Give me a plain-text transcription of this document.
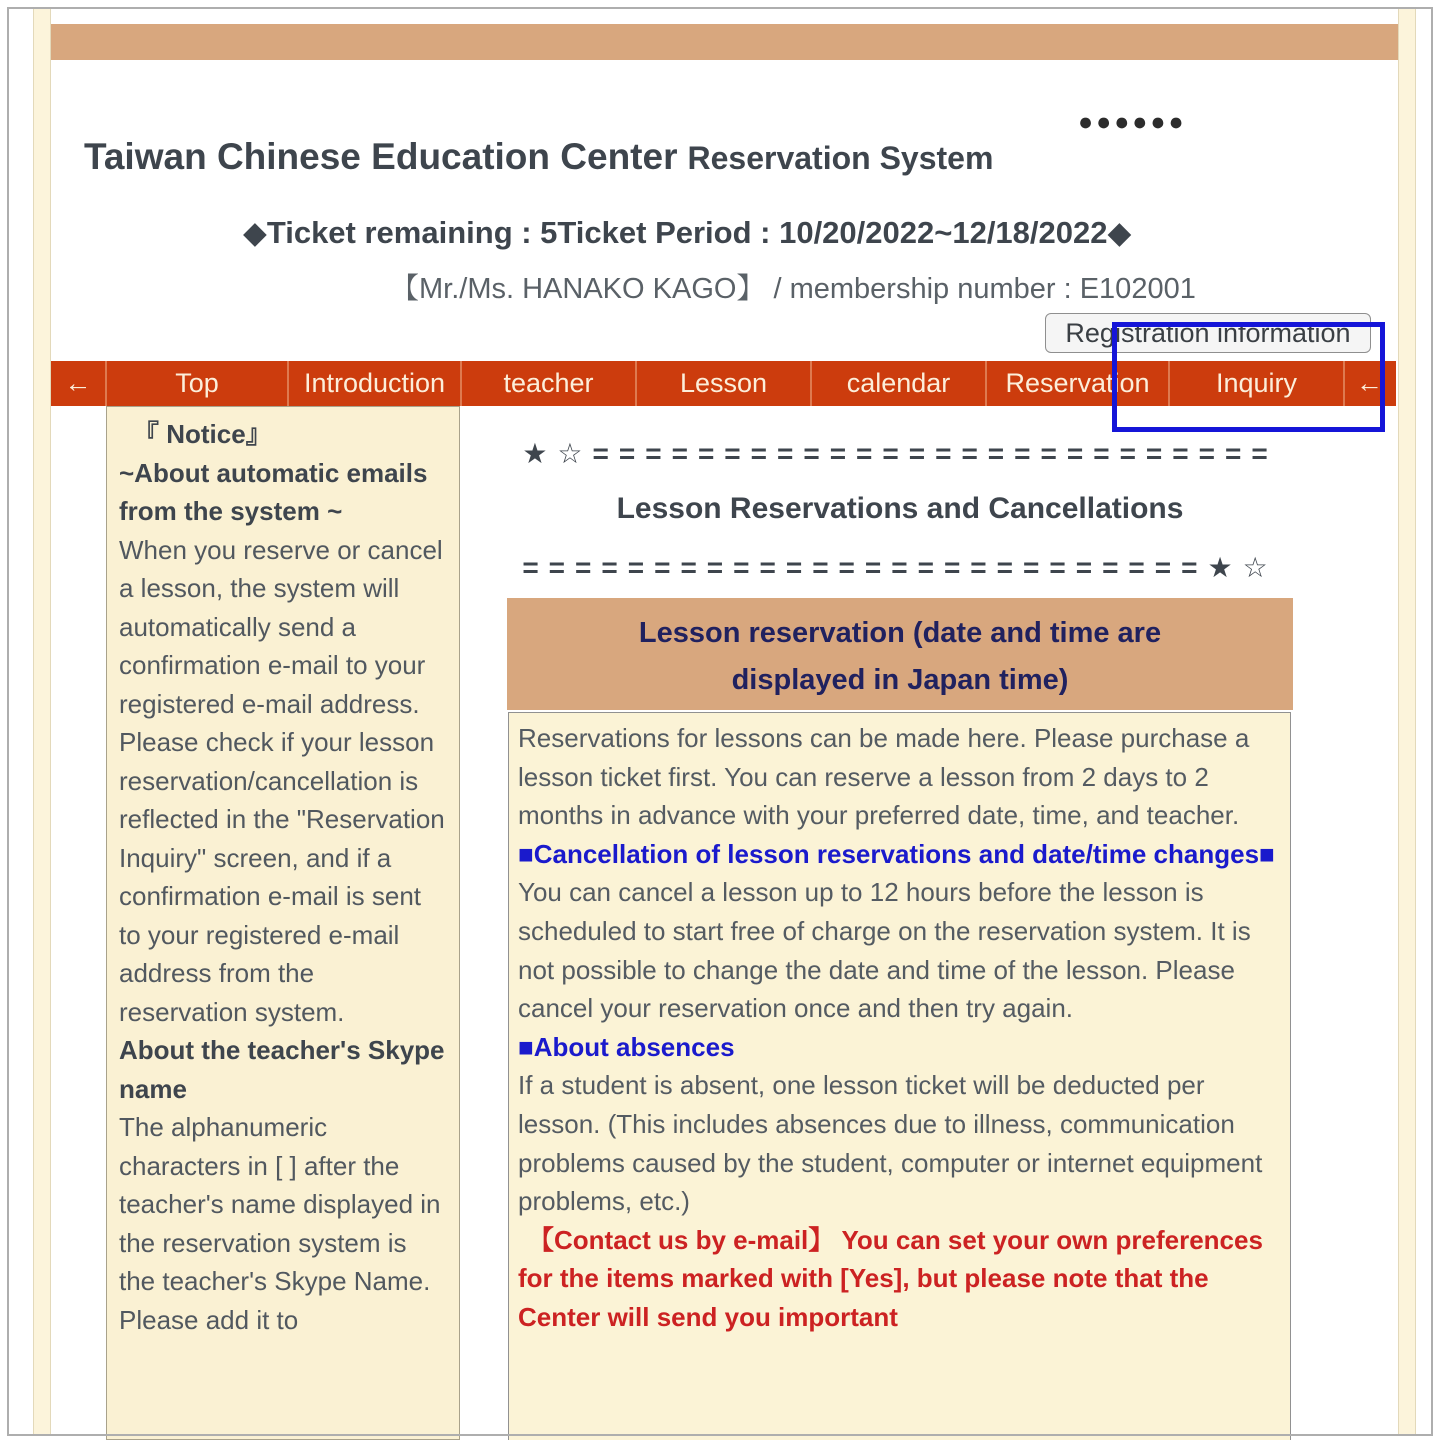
●●●●●●
Taiwan Chinese Education Center Reservation System
◆Ticket remaining : 5Ticket Period : 10/20/2022~12/18/2022◆
【Mr./Ms. HANAKO KAGO】 / membership number : E102001
Registration information
←	Top	Introduction	teacher	Lesson	calendar	Reservation	Inquiry	←
『 Notice』
~About automatic emails from the system ~
When you reserve or cancel a lesson, the system will automatically send a confirmation e-mail to your registered e-mail address. Please check if your lesson reservation/cancellation is reflected in the "Reservation Inquiry" screen, and if a confirmation e-mail is sent to your registered e-mail address from the reservation system.
About the teacher's Skype name
The alphanumeric characters in [ ] after the teacher's name displayed in the reservation system is the teacher's Skype Name. Please add it to
★☆==========================
Lesson Reservations and Cancellations
==========================★☆
Lesson reservation (date and time are displayed in Japan time)

Reservations for lessons can be made here. Please purchase a lesson ticket first. You can reserve a lesson from 2 days to 2 months in advance with your preferred date, time, and teacher.

■Cancellation of lesson reservations and date/time changes■

You can cancel a lesson up to 12 hours before the lesson is scheduled to start free of charge on the reservation system. It is not possible to change the date and time of the lesson. Please cancel your reservation once and then try again.

■About absences

If a student is absent, one lesson ticket will be deducted per lesson. (This includes absences due to illness, communication problems caused by the student, computer or internet equipment problems, etc.)

【Contact us by e-mail】 You can set your own preferences for the items marked with [Yes], but please note that the Center will send you important
